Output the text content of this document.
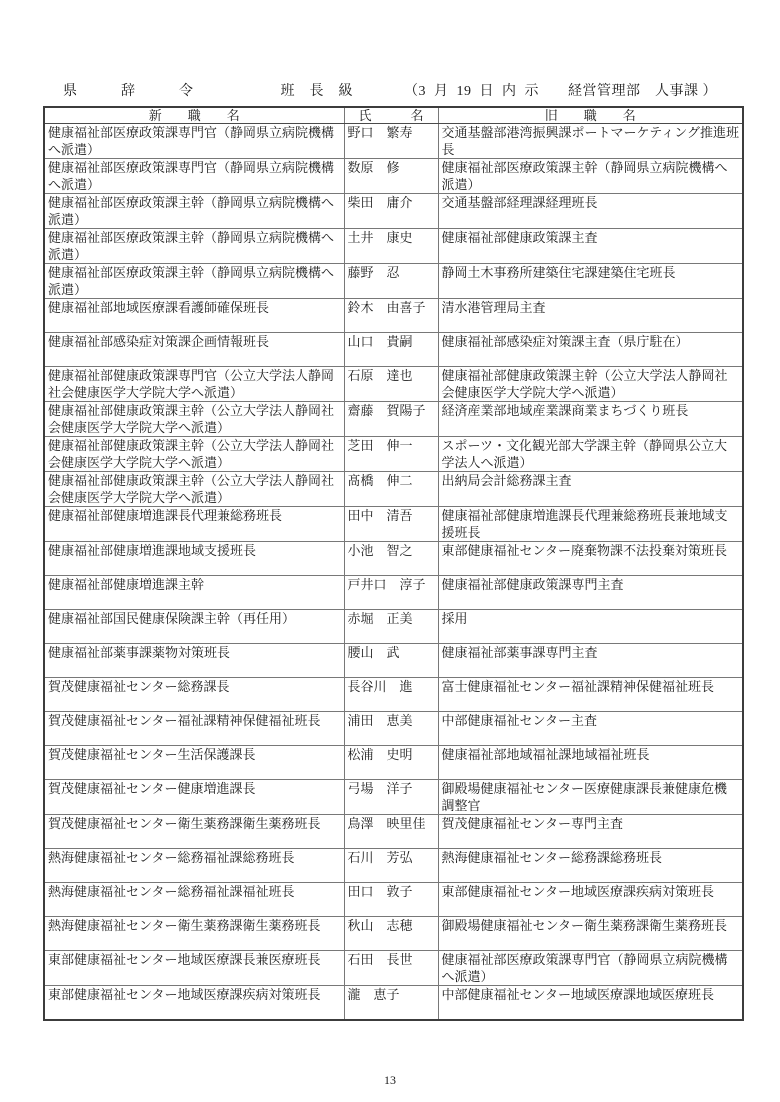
県　　　辞　　　令　　　　　　班　長　級　　　　（3  月  19  日  内  示　　経営管理部　人事課 ）
新　　職　　名	氏　　　名	旧　　職　　名
健康福祉部医療政策課専門官（静岡県立病院機構へ派遣）	野口　繁寿	交通基盤部港湾振興課ポートマーケティング推進班長
健康福祉部医療政策課専門官（静岡県立病院機構へ派遣）	数原　修	健康福祉部医療政策課主幹（静岡県立病院機構へ派遣）
健康福祉部医療政策課主幹（静岡県立病院機構へ派遣）	柴田　庸介	交通基盤部経理課経理班長
健康福祉部医療政策課主幹（静岡県立病院機構へ派遣）	土井　康史	健康福祉部健康政策課主査
健康福祉部医療政策課主幹（静岡県立病院機構へ派遣）	藤野　忍	静岡土木事務所建築住宅課建築住宅班長
健康福祉部地域医療課看護師確保班長	鈴木　由喜子	清水港管理局主査
健康福祉部感染症対策課企画情報班長	山口　貴嗣	健康福祉部感染症対策課主査（県庁駐在）
健康福祉部健康政策課専門官（公立大学法人静岡社会健康医学大学院大学へ派遣）	石原　達也	健康福祉部健康政策課主幹（公立大学法人静岡社会健康医学大学院大学へ派遣）
健康福祉部健康政策課主幹（公立大学法人静岡社会健康医学大学院大学へ派遣）	齋藤　賀陽子	経済産業部地域産業課商業まちづくり班長
健康福祉部健康政策課主幹（公立大学法人静岡社会健康医学大学院大学へ派遣）	芝田　伸一	スポーツ・文化観光部大学課主幹（静岡県公立大学法人へ派遣）
健康福祉部健康政策課主幹（公立大学法人静岡社会健康医学大学院大学へ派遣）	髙橋　伸二	出納局会計総務課主査
健康福祉部健康増進課長代理兼総務班長	田中　清吾	健康福祉部健康増進課長代理兼総務班長兼地域支援班長
健康福祉部健康増進課地域支援班長	小池　智之	東部健康福祉センター廃棄物課不法投棄対策班長
健康福祉部健康増進課主幹	戸井口　淳子	健康福祉部健康政策課専門主査
健康福祉部国民健康保険課主幹（再任用）	赤堀　正美	採用
健康福祉部薬事課薬物対策班長	腰山　武	健康福祉部薬事課専門主査
賀茂健康福祉センター総務課長	長谷川　進	富士健康福祉センター福祉課精神保健福祉班長
賀茂健康福祉センター福祉課精神保健福祉班長	浦田　恵美	中部健康福祉センター主査
賀茂健康福祉センター生活保護課長	松浦　史明	健康福祉部地域福祉課地域福祉班長
賀茂健康福祉センター健康増進課長	弓場　洋子	御殿場健康福祉センター医療健康課長兼健康危機調整官
賀茂健康福祉センター衛生薬務課衛生薬務班長	鳥澤　映里佳	賀茂健康福祉センター専門主査
熱海健康福祉センター総務福祉課総務班長	石川　芳弘	熱海健康福祉センター総務課総務班長
熱海健康福祉センター総務福祉課福祉班長	田口　敦子	東部健康福祉センター地域医療課疾病対策班長
熱海健康福祉センター衛生薬務課衛生薬務班長	秋山　志穂	御殿場健康福祉センター衛生薬務課衛生薬務班長
東部健康福祉センター地域医療課長兼医療班長	石田　長世	健康福祉部医療政策課専門官（静岡県立病院機構へ派遣）
東部健康福祉センター地域医療課疾病対策班長	瀧　恵子	中部健康福祉センター地域医療課地域医療班長
13
